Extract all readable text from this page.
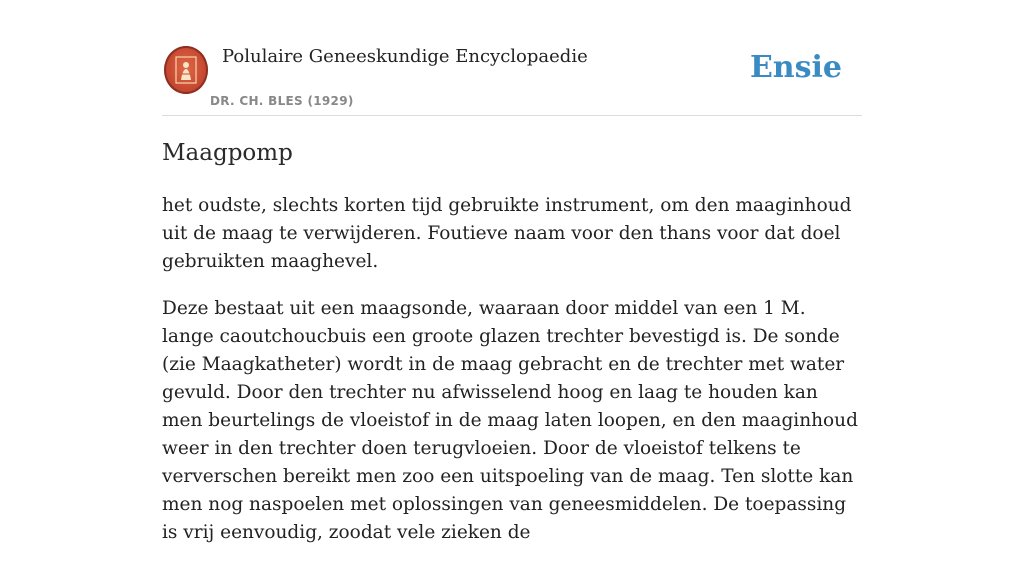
Polulaire Geneeskundige Encyclopaedie
DR. CH. BLES (1929)
Ensie
Maagpomp

het oudste, slechts korten tijd gebruikte instrument, om den maaginhoud uit de maag te verwijderen. Foutieve naam voor den thans voor dat doel gebruikten maaghevel.

Deze bestaat uit een maagsonde, waaraan door middel van een 1 M. lange caoutchoucbuis een groote glazen trechter bevestigd is. De sonde (zie Maagkatheter) wordt in de maag gebracht en de trechter met water gevuld. Door den trechter nu afwisselend hoog en laag te houden kan men beurtelings de vloeistof in de maag laten loopen, en den maaginhoud weer in den trechter doen terugvloeien. Door de vloeistof telkens te ververschen bereikt men zoo een uitspoeling van de maag. Ten slotte kan men nog naspoelen met oplossingen van geneesmiddelen. De toepassing is vrij eenvoudig, zoodat vele zieken de
